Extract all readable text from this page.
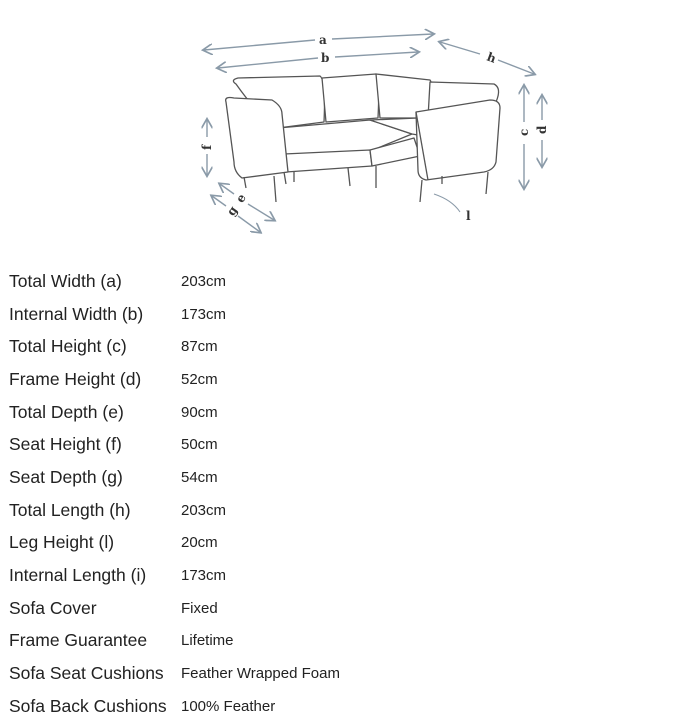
a
b	h
c d
f
e
g	l
Total Width (a)	203cm
Internal Width (b)	173cm
Total Height (c)	87cm
Frame Height (d)	52cm
Total Depth (e)	90cm
Seat Height (f)	50cm
Seat Depth (g)	54cm
Total Length (h)	203cm
Leg Height (l)	20cm
Internal Length (i)	173cm
Sofa Cover	Fixed
Frame Guarantee	Lifetime
Sofa Seat Cushions	Feather Wrapped Foam
Sofa Back Cushions 100% Feather
